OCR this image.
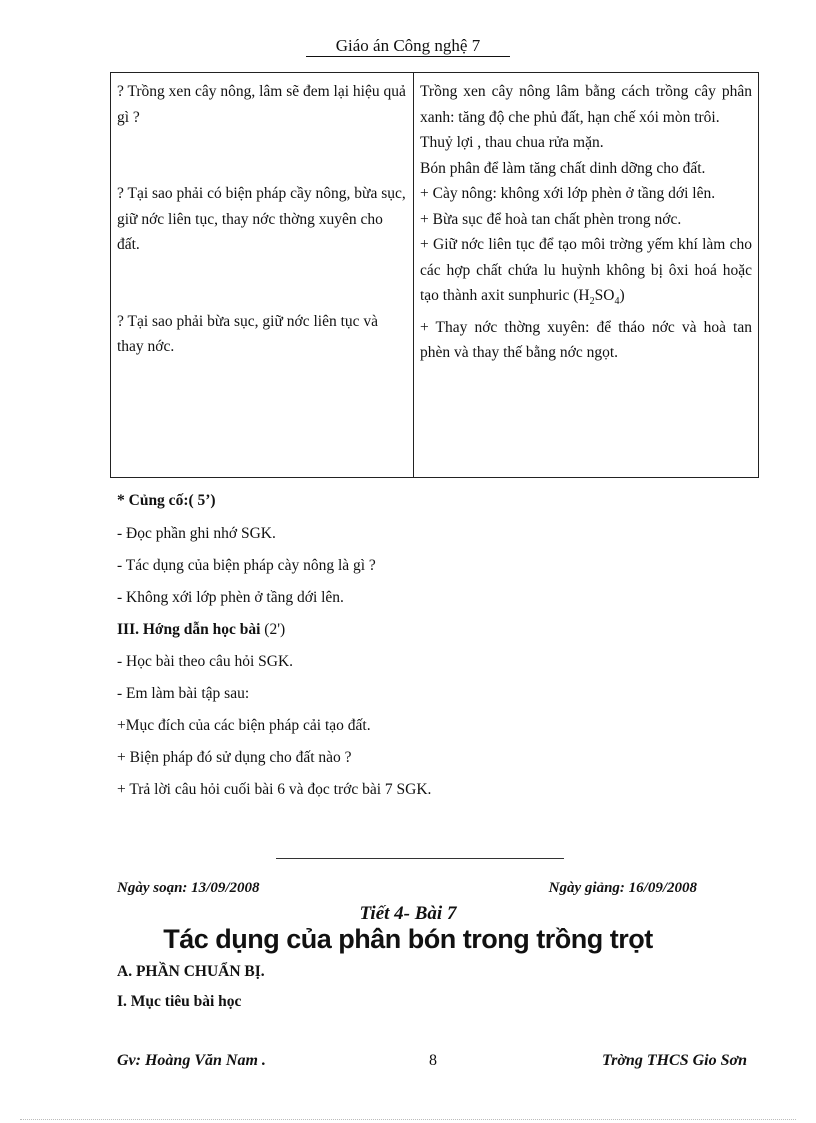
Giáo án Công nghệ 7
? Trồng xen cây nông, lâm sẽ đem lại hiệu quả gì ?
? Tại sao phải có biện pháp cầy nông, bừa sục, giữ nớc liên tục, thay nớc thờng xuyên cho đất.
? Tại sao phải bừa sục, giữ nớc liên tục và thay nớc.

Trồng xen cây nông lâm bằng cách trồng cây phân xanh: tăng độ che phủ đất, hạn chế xói mòn trôi.
Thuỷ lợi , thau chua rửa mặn.
Bón phân để làm tăng chất dinh dỡng cho đất.
+ Cày nông: không xới lớp phèn ở tầng dới lên.
+ Bừa sục để hoà tan chất phèn trong nớc.
+ Giữ nớc liên tục để tạo môi trờng yếm khí làm cho các hợp chất chứa lu huỳnh không bị ôxi hoá hoặc tạo thành axit sunphuric $(H_2SO_4)$
+ Thay nớc thờng xuyên: để tháo nớc và hoà tan phèn và thay thế bằng nớc ngọt.
* Củng cố:( 5’)
- Đọc phần ghi nhớ SGK.
- Tác dụng của biện pháp cày nông là gì ?
- Không xới lớp phèn ở tầng dới lên.
III. Hớng dẫn học bài (2')
- Học bài theo câu hỏi SGK.
- Em làm bài tập sau:
+Mục đích của các biện pháp cải tạo đất.
+ Biện pháp đó sử dụng cho đất nào ?
+ Trả lời câu hỏi cuối bài 6 và đọc trớc bài 7 SGK.
Ngày soạn: 13/09/2008	Ngày giảng: 16/09/2008
Tiết 4- Bài 7
Tác dụng của phân bón trong trồng trọt
A. PHẦN CHUẨN BỊ.
I. Mục tiêu bài học
Gv: Hoàng Văn Nam .	8	Trờng THCS Gio Sơn
